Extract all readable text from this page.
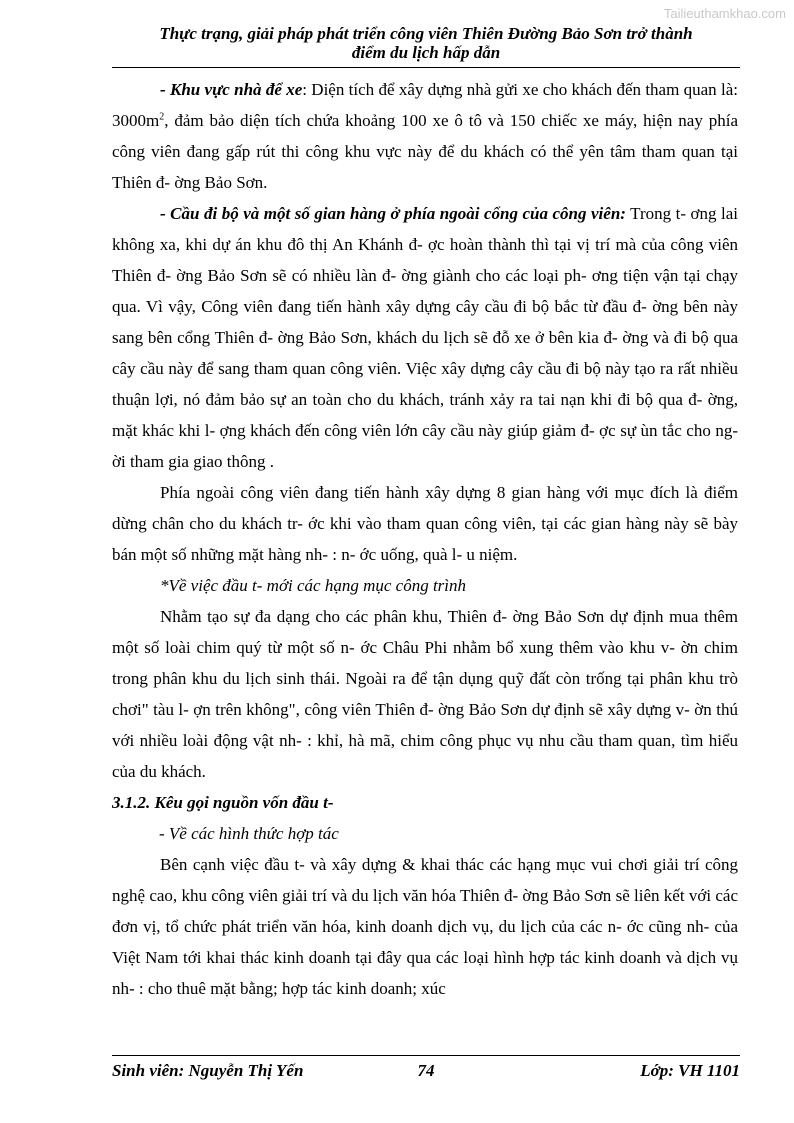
Tailieuthamkhao.com
Thực trạng, giải pháp phát triển công viên Thiên Đường Bảo Sơn trở thành
điểm du lịch hấp dẫn

- Khu vực nhà để xe: Diện tích để xây dựng nhà gửi xe cho khách đến tham quan là: $3000m^2$, đảm bảo diện tích chứa khoảng 100 xe ô tô và 150 chiếc xe máy, hiện nay phía công viên đang gấp rút thi công khu vực này để du khách có thể yên tâm tham quan tại Thiên đ- ờng Bảo Sơn.

- Cầu đi bộ và một số gian hàng ở phía ngoài cổng của công viên: Trong t- ơng lai không xa, khi dự án khu đô thị An Khánh đ- ợc hoàn thành thì tại vị trí mà của công viên Thiên đ- ờng Bảo Sơn sẽ có nhiều làn đ- ờng giành cho các loại ph- ơng tiện vận tại chạy qua. Vì vậy, Công viên đang tiến hành xây dựng cây cầu đi bộ bắc từ đầu đ- ờng bên này sang bên cổng Thiên đ- ờng Bảo Sơn, khách du lịch sẽ đỗ xe ở bên kia đ- ờng và đi bộ qua cây cầu này để sang tham quan công viên. Việc xây dựng cây cầu đi bộ này tạo ra rất nhiều thuận lợi, nó đảm bảo sự an toàn cho du khách, tránh xảy ra tai nạn khi đi bộ qua đ- ờng, mặt khác khi l- ợng khách đến công viên lớn cây cầu này giúp giảm đ- ợc sự ùn tắc cho ng- ời tham gia giao thông .

Phía ngoài công viên đang tiến hành xây dựng 8 gian hàng với mục đích là điểm dừng chân cho du khách tr- ớc khi vào tham quan công viên, tại các gian hàng này sẽ bày bán một số những mặt hàng nh- : n- ớc uống, quà l- u niệm.

*Về việc đầu t- mới các hạng mục công trình

Nhằm tạo sự đa dạng cho các phân khu, Thiên đ- ờng Bảo Sơn dự định mua thêm một số loài chim quý từ một số n- ớc Châu Phi nhằm bổ xung thêm vào khu v- ờn chim trong phân khu du lịch sinh thái. Ngoài ra để tận dụng quỹ đất còn trống tại phân khu trò chơi" tàu l- ợn trên không", công viên Thiên đ- ờng Bảo Sơn dự định sẽ xây dựng v- ờn thú với nhiều loài động vật nh- : khỉ, hà mã, chim công phục vụ nhu cầu tham quan, tìm hiểu của du khách.

3.1.2. Kêu gọi nguồn vốn đầu t-

- Về các hình thức hợp tác

Bên cạnh việc đầu t- và xây dựng & khai thác các hạng mục vui chơi giải trí công nghệ cao, khu công viên giải trí và du lịch văn hóa Thiên đ- ờng Bảo Sơn sẽ liên kết với các đơn vị, tổ chức phát triển văn hóa, kinh doanh dịch vụ, du lịch của các n- ớc cũng nh- của Việt Nam tới khai thác kinh doanh tại đây qua các loại hình hợp tác kinh doanh và dịch vụ nh- : cho thuê mặt bằng; hợp tác kinh doanh; xúc

Sinh viên: Nguyễn Thị Yến	74	Lớp: VH 1101
